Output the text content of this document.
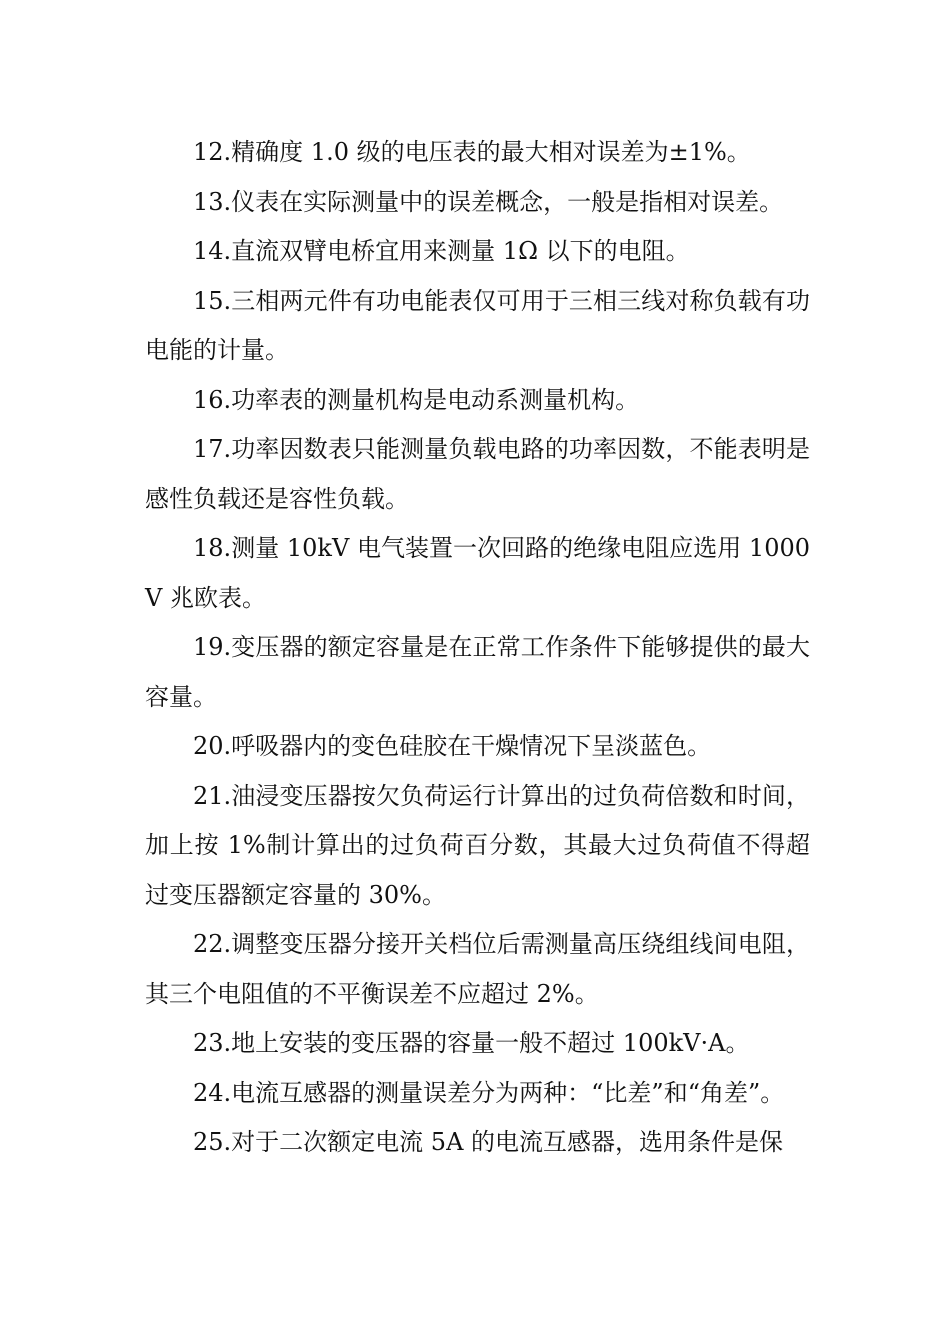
12.精确度 1.0 级的电压表的最大相对误差为±1%。

13.仪表在实际测量中的误差概念，一般是指相对误差。

14.直流双臂电桥宜用来测量 1Ω 以下的电阻。

15.三相两元件有功电能表仅可用于三相三线对称负载有功电能的计量。

16.功率表的测量机构是电动系测量机构。

17.功率因数表只能测量负载电路的功率因数，不能表明是感性负载还是容性负载。

18.测量 10kV 电气装置一次回路的绝缘电阻应选用 1000V 兆欧表。

19.变压器的额定容量是在正常工作条件下能够提供的最大容量。

20.呼吸器内的变色硅胶在干燥情况下呈淡蓝色。

21.油浸变压器按欠负荷运行计算出的过负荷倍数和时间，加上按 1%制计算出的过负荷百分数，其最大过负荷值不得超过变压器额定容量的 30%。

22.调整变压器分接开关档位后需测量高压绕组线间电阻，其三个电阻值的不平衡误差不应超过 2%。

23.地上安装的变压器的容量一般不超过 100kV·A。

24.电流互感器的测量误差分为两种：“比差”和“角差”。

25.对于二次额定电流 5A 的电流互感器，选用条件是保
